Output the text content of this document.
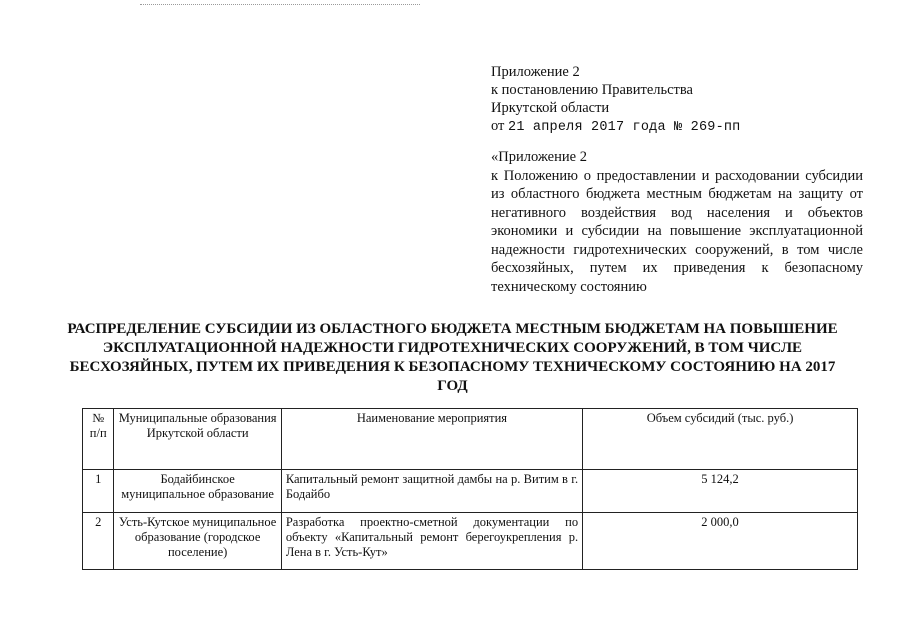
Приложение 2
к постановлению Правительства
Иркутской области
от 21 апреля 2017 года № 269-пп
«Приложение 2
к Положению о предоставлении и расходовании субсидии из областного бюджета местным бюджетам на защиту от негативного воздействия вод населения и объектов экономики и субсидии на повышение эксплуатационной надежности гидротехнических сооружений, в том числе бесхозяйных, путем их приведения к безопасному техническому состоянию
РАСПРЕДЕЛЕНИЕ СУБСИДИИ ИЗ ОБЛАСТНОГО БЮДЖЕТА МЕСТНЫМ БЮДЖЕТАМ НА ПОВЫШЕНИЕ ЭКСПЛУАТАЦИОННОЙ НАДЕЖНОСТИ ГИДРОТЕХНИЧЕСКИХ СООРУЖЕНИЙ, В ТОМ ЧИСЛЕ БЕСХОЗЯЙНЫХ, ПУТЕМ ИХ ПРИВЕДЕНИЯ К БЕЗОПАСНОМУ ТЕХНИЧЕСКОМУ СОСТОЯНИЮ НА 2017 ГОД
№ п/п	Муниципальные образования Иркутской области	Наименование мероприятия	Объем субсидий (тыс. руб.)
1	Бодайбинское муниципальное образование	Капитальный ремонт защитной дамбы на р. Витим в г. Бодайбо	5 124,2
2	Усть-Кутское муниципальное образование (городское поселение)	Разработка проектно-сметной документации по объекту «Капитальный ремонт берегоукрепления р. Лена в г. Усть-Кут»	2 000,0
